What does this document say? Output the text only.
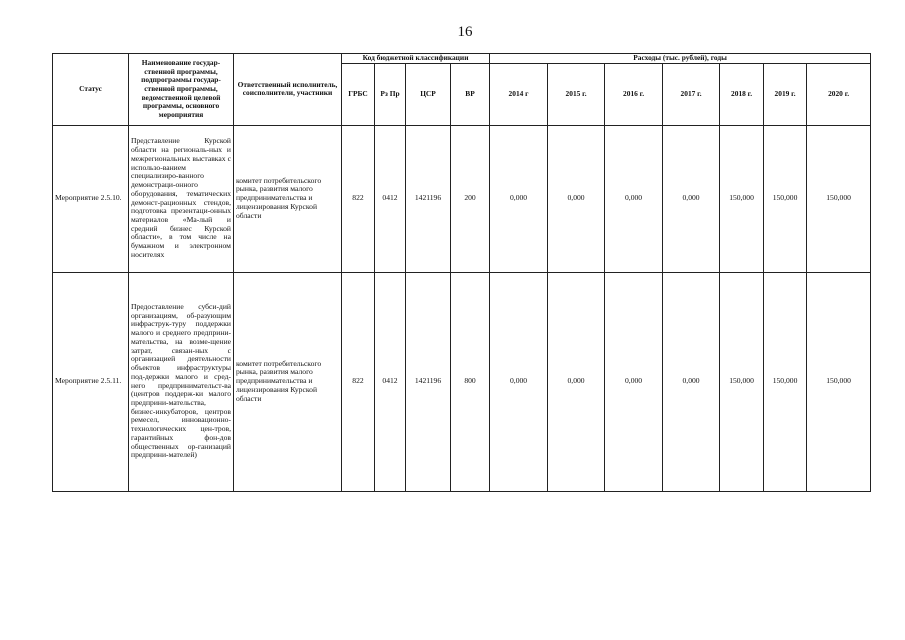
16
Статус	Наименование государ-ственной программы, подпрограммы государ-ственной программы, ведомственной целевой программы, основного мероприятия	Ответственный исполнитель, соисполнители, участники	Код бюджетной классификации				Расходы (тыс. рублей), годы						
			ГРБС	Рз Пр	ЦСР	ВР	2014 г	2015 г.	2016 г.	2017 г.	2018 г.	2019 г.	2020 г.
Мероприятие 2.5.10.	Представление Курской области на региональ-ных и межрегиональных выставках с использо-ванием специализиро-ванного демонстраци-онного оборудования, тематических демонст-рационных стендов, подготовка презентаци-онных материалов «Ма-лый и средний бизнес Курской области», в том числе на бумажном и электронном носителях	комитет потребительского рынка, развития малого предпринимательства и лицензирования Курской области	822	0412	1421196	200	0,000	0,000	0,000	0,000	150,000	150,000	150,000
Мероприятие 2.5.11.	Предоставление субси-дий организациям, об-разующим инфраструк-туру поддержки малого и среднего предприни-мательства, на возме-щение затрат, связан-ных с организацией деятельности объектов инфраструктуры под-держки малого и сред-него предпринимательст-ва (центров поддерж-ки малого предприни-мательства, бизнес-инкубаторов, центров ремесел, инновационно-технологических цен-тров, гарантийных фон-дов общественных ор-ганизаций предприни-мателей)	комитет потребительского рынка, развития малого предпринимательства и лицензирования Курской области	822	0412	1421196	800	0,000	0,000	0,000	0,000	150,000	150,000	150,000
